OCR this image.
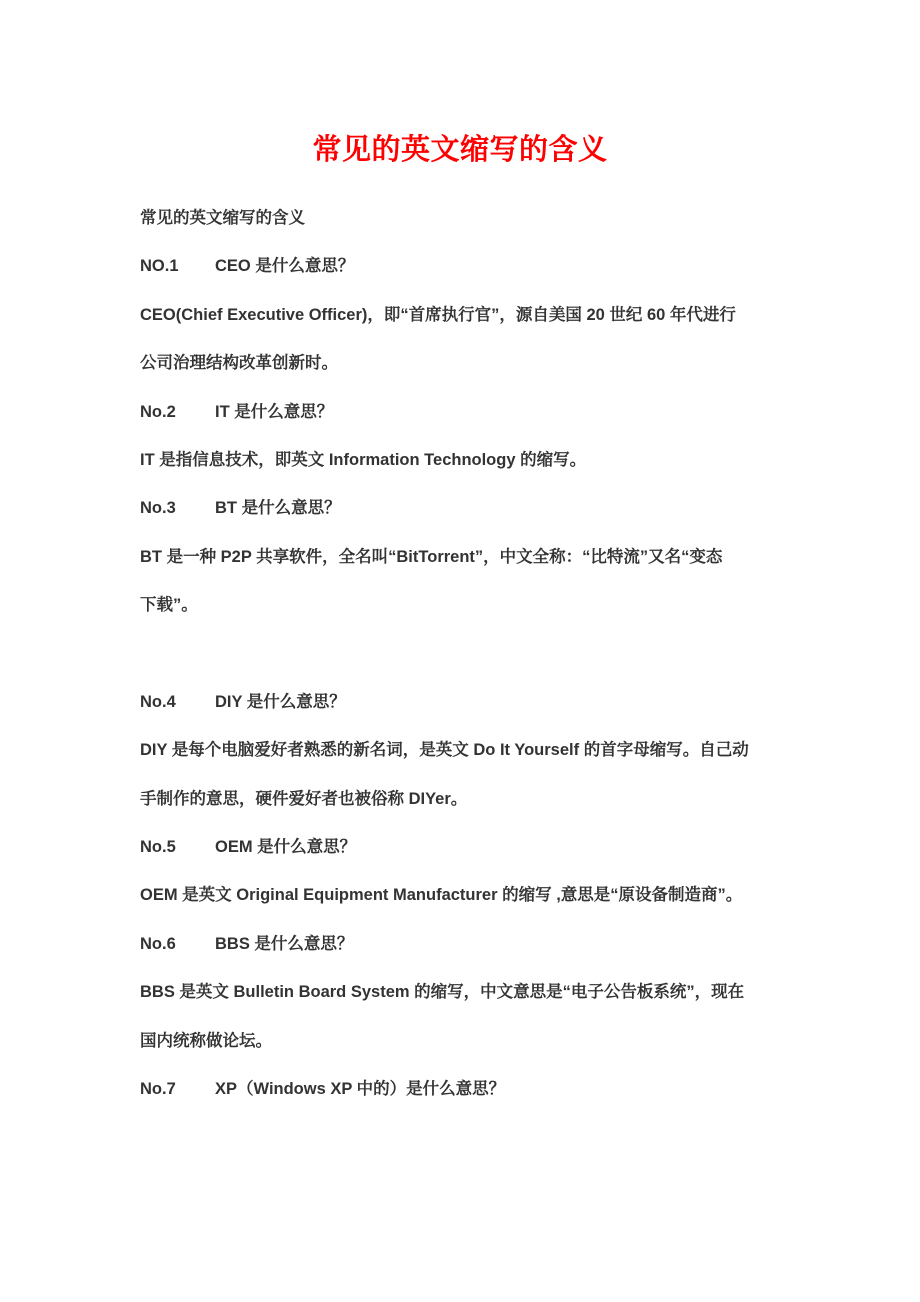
常见的英文缩写的含义
常见的英文缩写的含义
NO.1 CEO 是什么意思？
CEO(Chief Executive Officer)，即“首席执行官”，源自美国 20 世纪 60 年代进行
公司治理结构改革创新时。
No.2 IT 是什么意思？
IT 是指信息技术，即英文 Information Technology 的缩写。
No.3 BT 是什么意思？
BT 是一种 P2P 共享软件，全名叫“BitTorrent”，中文全称：“比特流”又名“变态
下载”。
No.4 DIY 是什么意思？
DIY 是每个电脑爱好者熟悉的新名词，是英文 Do It Yourself 的首字母缩写。自己动
手制作的意思，硬件爱好者也被俗称 DIYer。
No.5 OEM 是什么意思？
OEM 是英文 Original Equipment Manufacturer 的缩写 ,意思是“原设备制造商”。
No.6 BBS 是什么意思？
BBS 是英文 Bulletin Board System 的缩写，中文意思是“电子公告板系统”，现在
国内统称做论坛。
No.7 XP（Windows XP 中的）是什么意思？
